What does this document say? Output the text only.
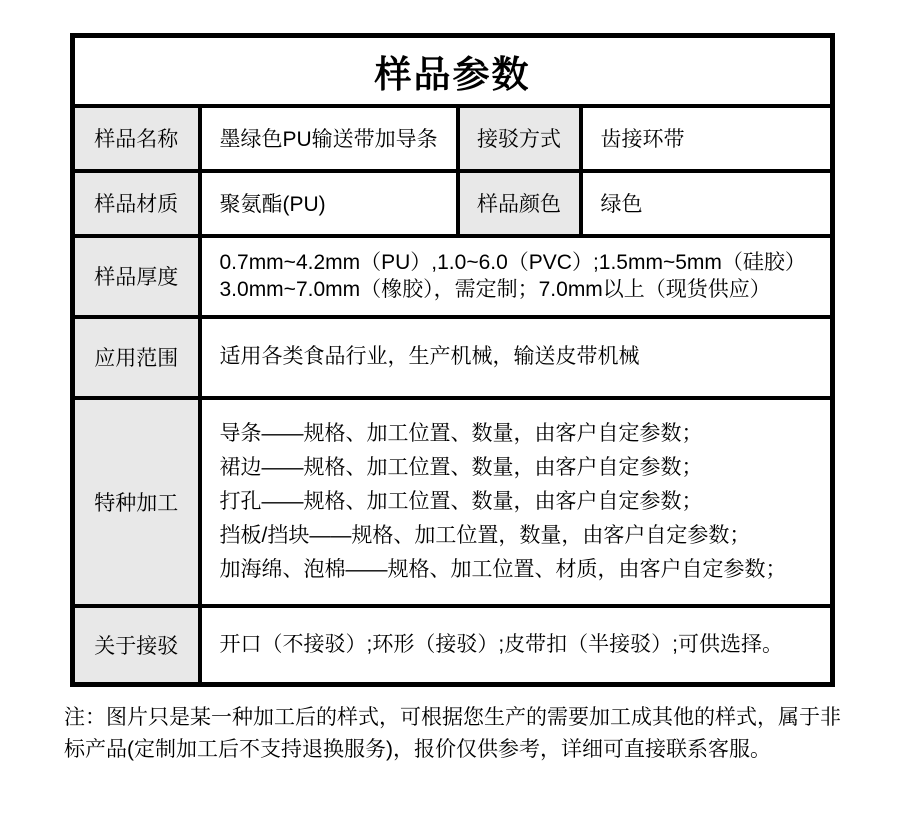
样品参数			
样品名称	墨绿色PU输送带加导条	接驳方式	齿接环带
样品材质	聚氨酯(PU)	样品颜色	绿色
样品厚度	0.7mm~4.2mm（PU）,1.0~6.0（PVC）;1.5mm~5mm（硅胶）
3.0mm~7.0mm（橡胶），需定制；7.0mm以上（现货供应）		

应用范围	适用各类食品行业，生产机械，输送皮带机械		

特种加工	导条——规格、加工位置、数量，由客户自定参数；
裙边——规格、加工位置、数量，由客户自定参数；
打孔——规格、加工位置、数量，由客户自定参数；
挡板/挡块——规格、加工位置，数量，由客户自定参数；
加海绵、泡棉——规格、加工位置、材质，由客户自定参数；		

关于接驳	开口（不接驳）;环形（接驳）;皮带扣（半接驳）;可供选择。		

注：图片只是某一种加工后的样式，可根据您生产的需要加工成其他的样式，属于非标产品(定制加工后不支持退换服务)，报价仅供参考，详细可直接联系客服。
